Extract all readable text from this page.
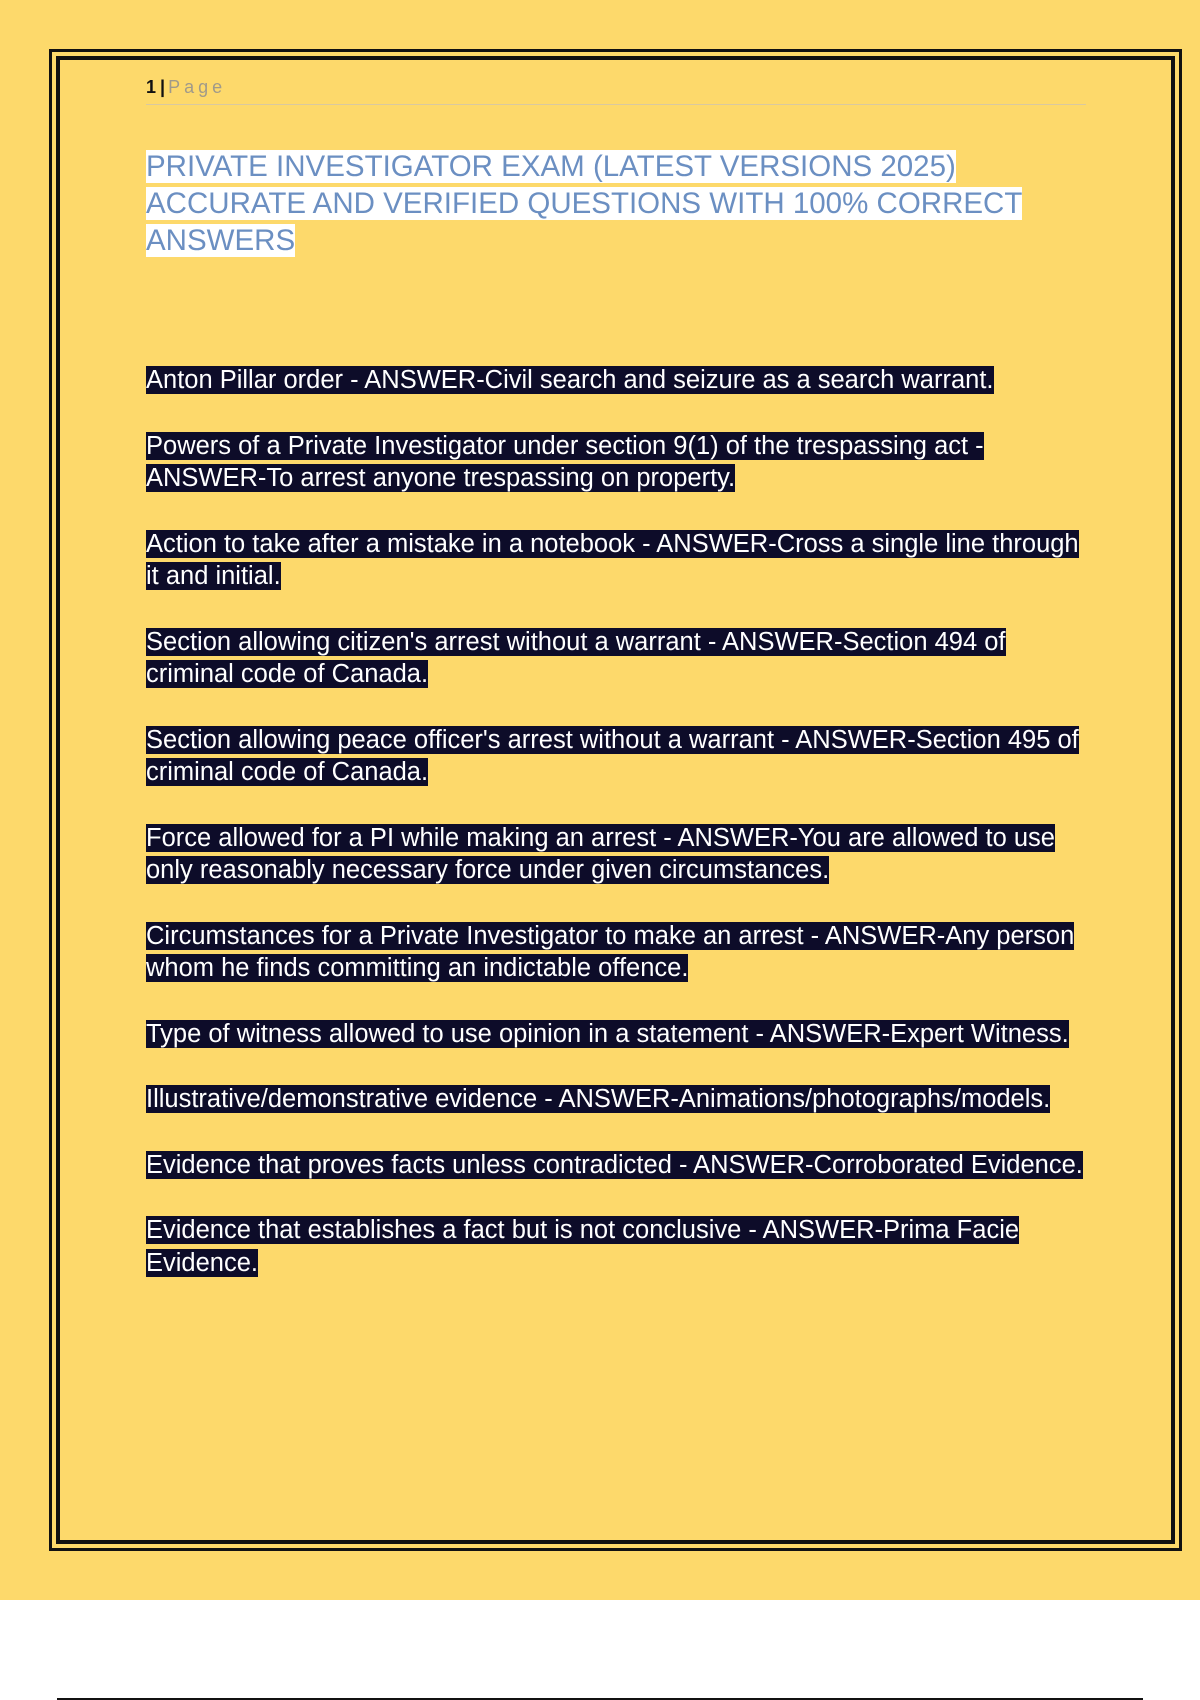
1 | Page
PRIVATE INVESTIGATOR EXAM (LATEST VERSIONS 2025) ACCURATE AND VERIFIED QUESTIONS WITH 100% CORRECT ANSWERS
Anton Pillar order - ANSWER-Civil search and seizure as a search warrant.
Powers of a Private Investigator under section 9(1) of the trespassing act - ANSWER-To arrest anyone trespassing on property.
Action to take after a mistake in a notebook - ANSWER-Cross a single line through it and initial.
Section allowing citizen's arrest without a warrant - ANSWER-Section 494 of criminal code of Canada.
Section allowing peace officer's arrest without a warrant - ANSWER-Section 495 of criminal code of Canada.
Force allowed for a PI while making an arrest - ANSWER-You are allowed to use only reasonably necessary force under given circumstances.
Circumstances for a Private Investigator to make an arrest - ANSWER-Any person whom he finds committing an indictable offence.
Type of witness allowed to use opinion in a statement - ANSWER-Expert Witness.
Illustrative/demonstrative evidence - ANSWER-Animations/photographs/models.
Evidence that proves facts unless contradicted - ANSWER-Corroborated Evidence.
Evidence that establishes a fact but is not conclusive - ANSWER-Prima Facie Evidence.
